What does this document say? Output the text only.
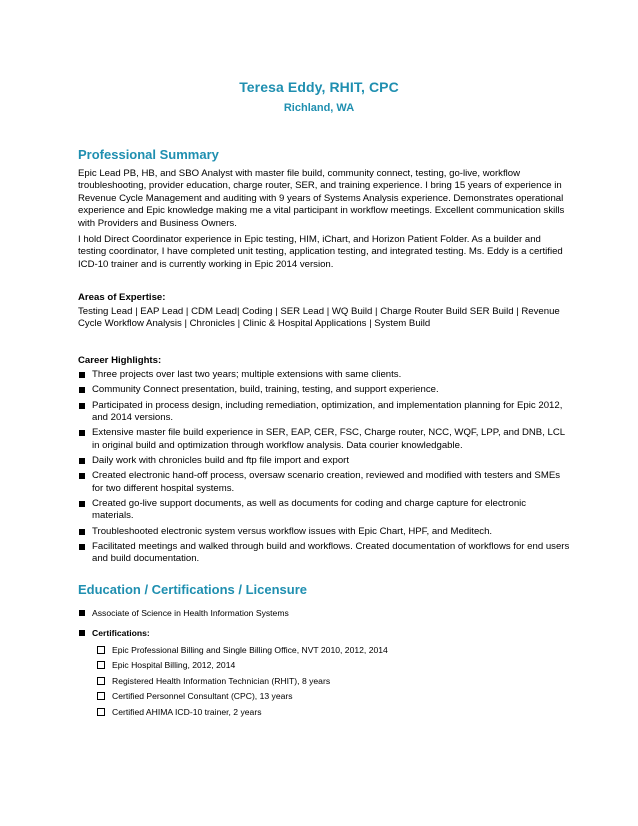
Teresa Eddy, RHIT, CPC
Richland, WA
Professional Summary

Epic Lead PB, HB, and SBO Analyst with master file build, community connect, testing, go-live, workflow troubleshooting, provider education, charge router, SER, and training experience. I bring 15 years of experience in Revenue Cycle Management and auditing with 9 years of Systems Analysis experience. Demonstrates operational experience and Epic knowledge making me a vital participant in workflow meetings. Excellent communication skills with Providers and Business Owners.

I hold Direct Coordinator experience in Epic testing, HIM, iChart, and Horizon Patient Folder. As a builder and testing coordinator, I have completed unit testing, application testing, and integrated testing. Ms. Eddy is a certified ICD-10 trainer and is currently working in Epic 2014 version.

Areas of Expertise:

Testing Lead | EAP Lead | CDM Lead| Coding | SER Lead | WQ Build | Charge Router Build SER Build | Revenue Cycle Workflow Analysis | Chronicles | Clinic & Hospital Applications | System Build

Career Highlights:
Three projects over last two years; multiple extensions with same clients.
Community Connect presentation, build, training, testing, and support experience.
Participated in process design, including remediation, optimization, and implementation planning for Epic 2012, and 2014 versions.
Extensive master file build experience in SER, EAP, CER, FSC, Charge router, NCC, WQF, LPP, and DNB, LCL in original build and optimization through workflow analysis. Data courier knowledgable.
Daily work with chronicles build and ftp file import and export
Created electronic hand-off process, oversaw scenario creation, reviewed and modified with testers and SMEs for two different hospital systems.
Created go-live support documents, as well as documents for coding and charge capture for electronic materials.
Troubleshooted electronic system versus workflow issues with Epic Chart, HPF, and Meditech.
Facilitated meetings and walked through build and workflows. Created documentation of workflows for end users and build documentation.
Education / Certifications / Licensure
Associate of Science in Health Information Systems
Certifications:
Epic Professional Billing and Single Billing Office, NVT 2010, 2012, 2014
Epic Hospital Billing, 2012, 2014
Registered Health Information Technician (RHIT), 8 years
Certified Personnel Consultant (CPC), 13 years
Certified AHIMA ICD-10 trainer, 2 years
